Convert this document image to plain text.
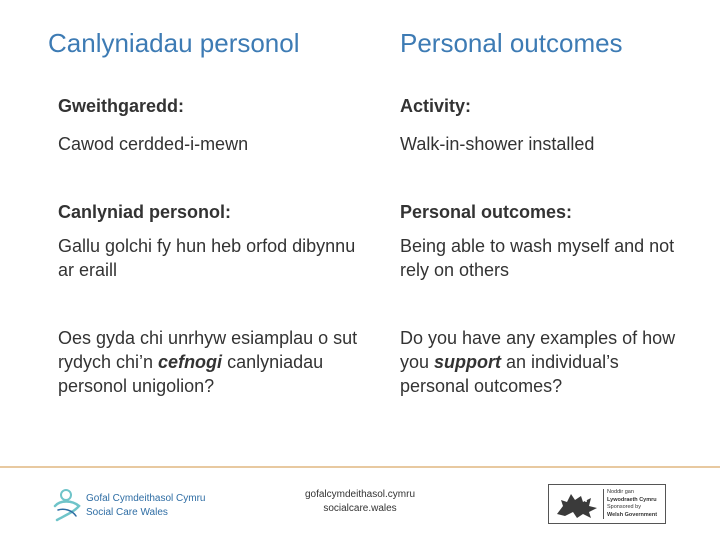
Canlyniadau personol	Personal outcomes
Gweithgaredd:
Cawod cerdded-i-mewn
Canlyniad personol:
Gallu golchi fy hun heb orfod dibynnu ar eraill
Oes gyda chi unrhyw esiamplau o sut rydych chi’n cefnogi canlyniadau personol unigolion?
Activity:
Walk-in-shower installed
Personal outcomes:
Being able to wash myself and not rely on others
Do you have any examples of how you support an individual’s personal outcomes?
Gofal Cymdeithasol Cymru
Social Care Wales
gofalcymdeithasol.cymru
socialcare.wales
Noddir gan
Lywodraeth Cymru
Sponsored by
Welsh Government
